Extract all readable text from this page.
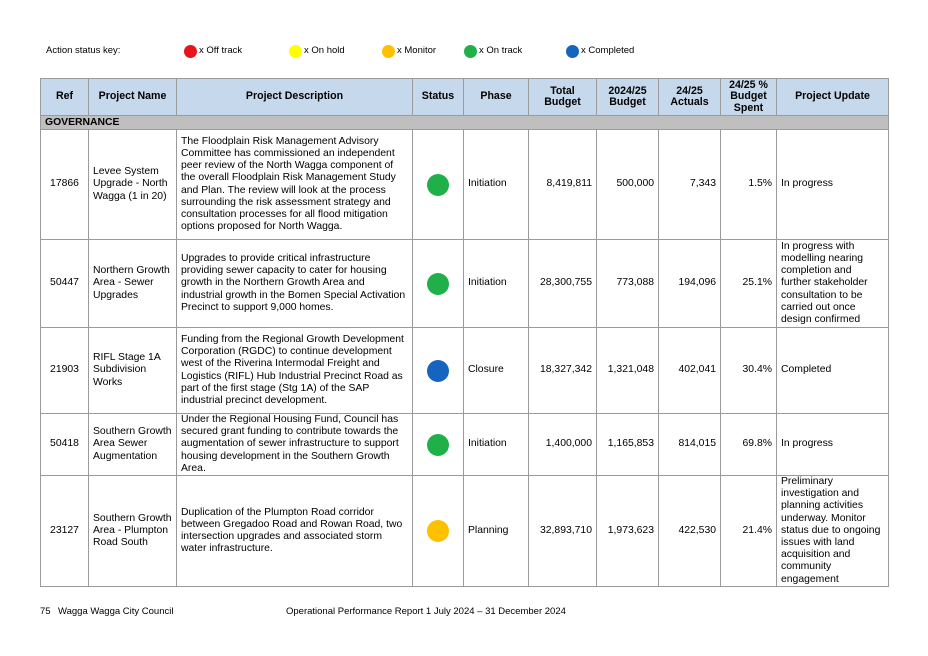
Action status key:	x Off track	x On hold	x Monitor	x On track	x Completed
Ref	Project Name	Project Description	Status	Phase	Total Budget	2024/25 Budget	24/25 Actuals	24/25 % Budget Spent	Project Update
GOVERNANCE									
17866	Levee System Upgrade - North Wagga (1 in 20)	The Floodplain Risk Management Advisory Committee has commissioned an independent peer review of the North Wagga component of the overall Floodplain Risk Management Study and Plan. The review will look at the process surrounding the risk assessment strategy and consultation processes for all flood mitigation options proposed for North Wagga.		Initiation	8,419,811	500,000	7,343	1.5%	In progress
50447	Northern Growth Area - Sewer Upgrades	Upgrades to provide critical infrastructure providing sewer capacity to cater for housing growth in the Northern Growth Area and industrial growth in the Bomen Special Activation Precinct to support 9,000 homes.		Initiation	28,300,755	773,088	194,096	25.1%	In progress with modelling nearing completion and further stakeholder consultation to be carried out once design confirmed
21903	RIFL Stage 1A Subdivision Works	Funding from the Regional Growth Development Corporation (RGDC) to continue development west of the Riverina Intermodal Freight and Logistics (RIFL) Hub Industrial Precinct Road as part of the first stage (Stg 1A) of the SAP industrial precinct development.		Closure	18,327,342	1,321,048	402,041	30.4%	Completed
50418	Southern Growth Area Sewer Augmentation	Under the Regional Housing Fund, Council has secured grant funding to contribute towards the augmentation of sewer infrastructure to support housing development in the Southern Growth Area.		Initiation	1,400,000	1,165,853	814,015	69.8%	In progress
23127	Southern Growth Area - Plumpton Road South	Duplication of the Plumpton Road corridor between Gregadoo Road and Rowan Road, two intersection upgrades and associated storm water infrastructure.		Planning	32,893,710	1,973,623	422,530	21.4%	Preliminary investigation and planning activities underway. Monitor status due to ongoing issues with land acquisition and community engagement
75 Wagga Wagga City Council	Operational Performance Report 1 July 2024 – 31 December 2024
